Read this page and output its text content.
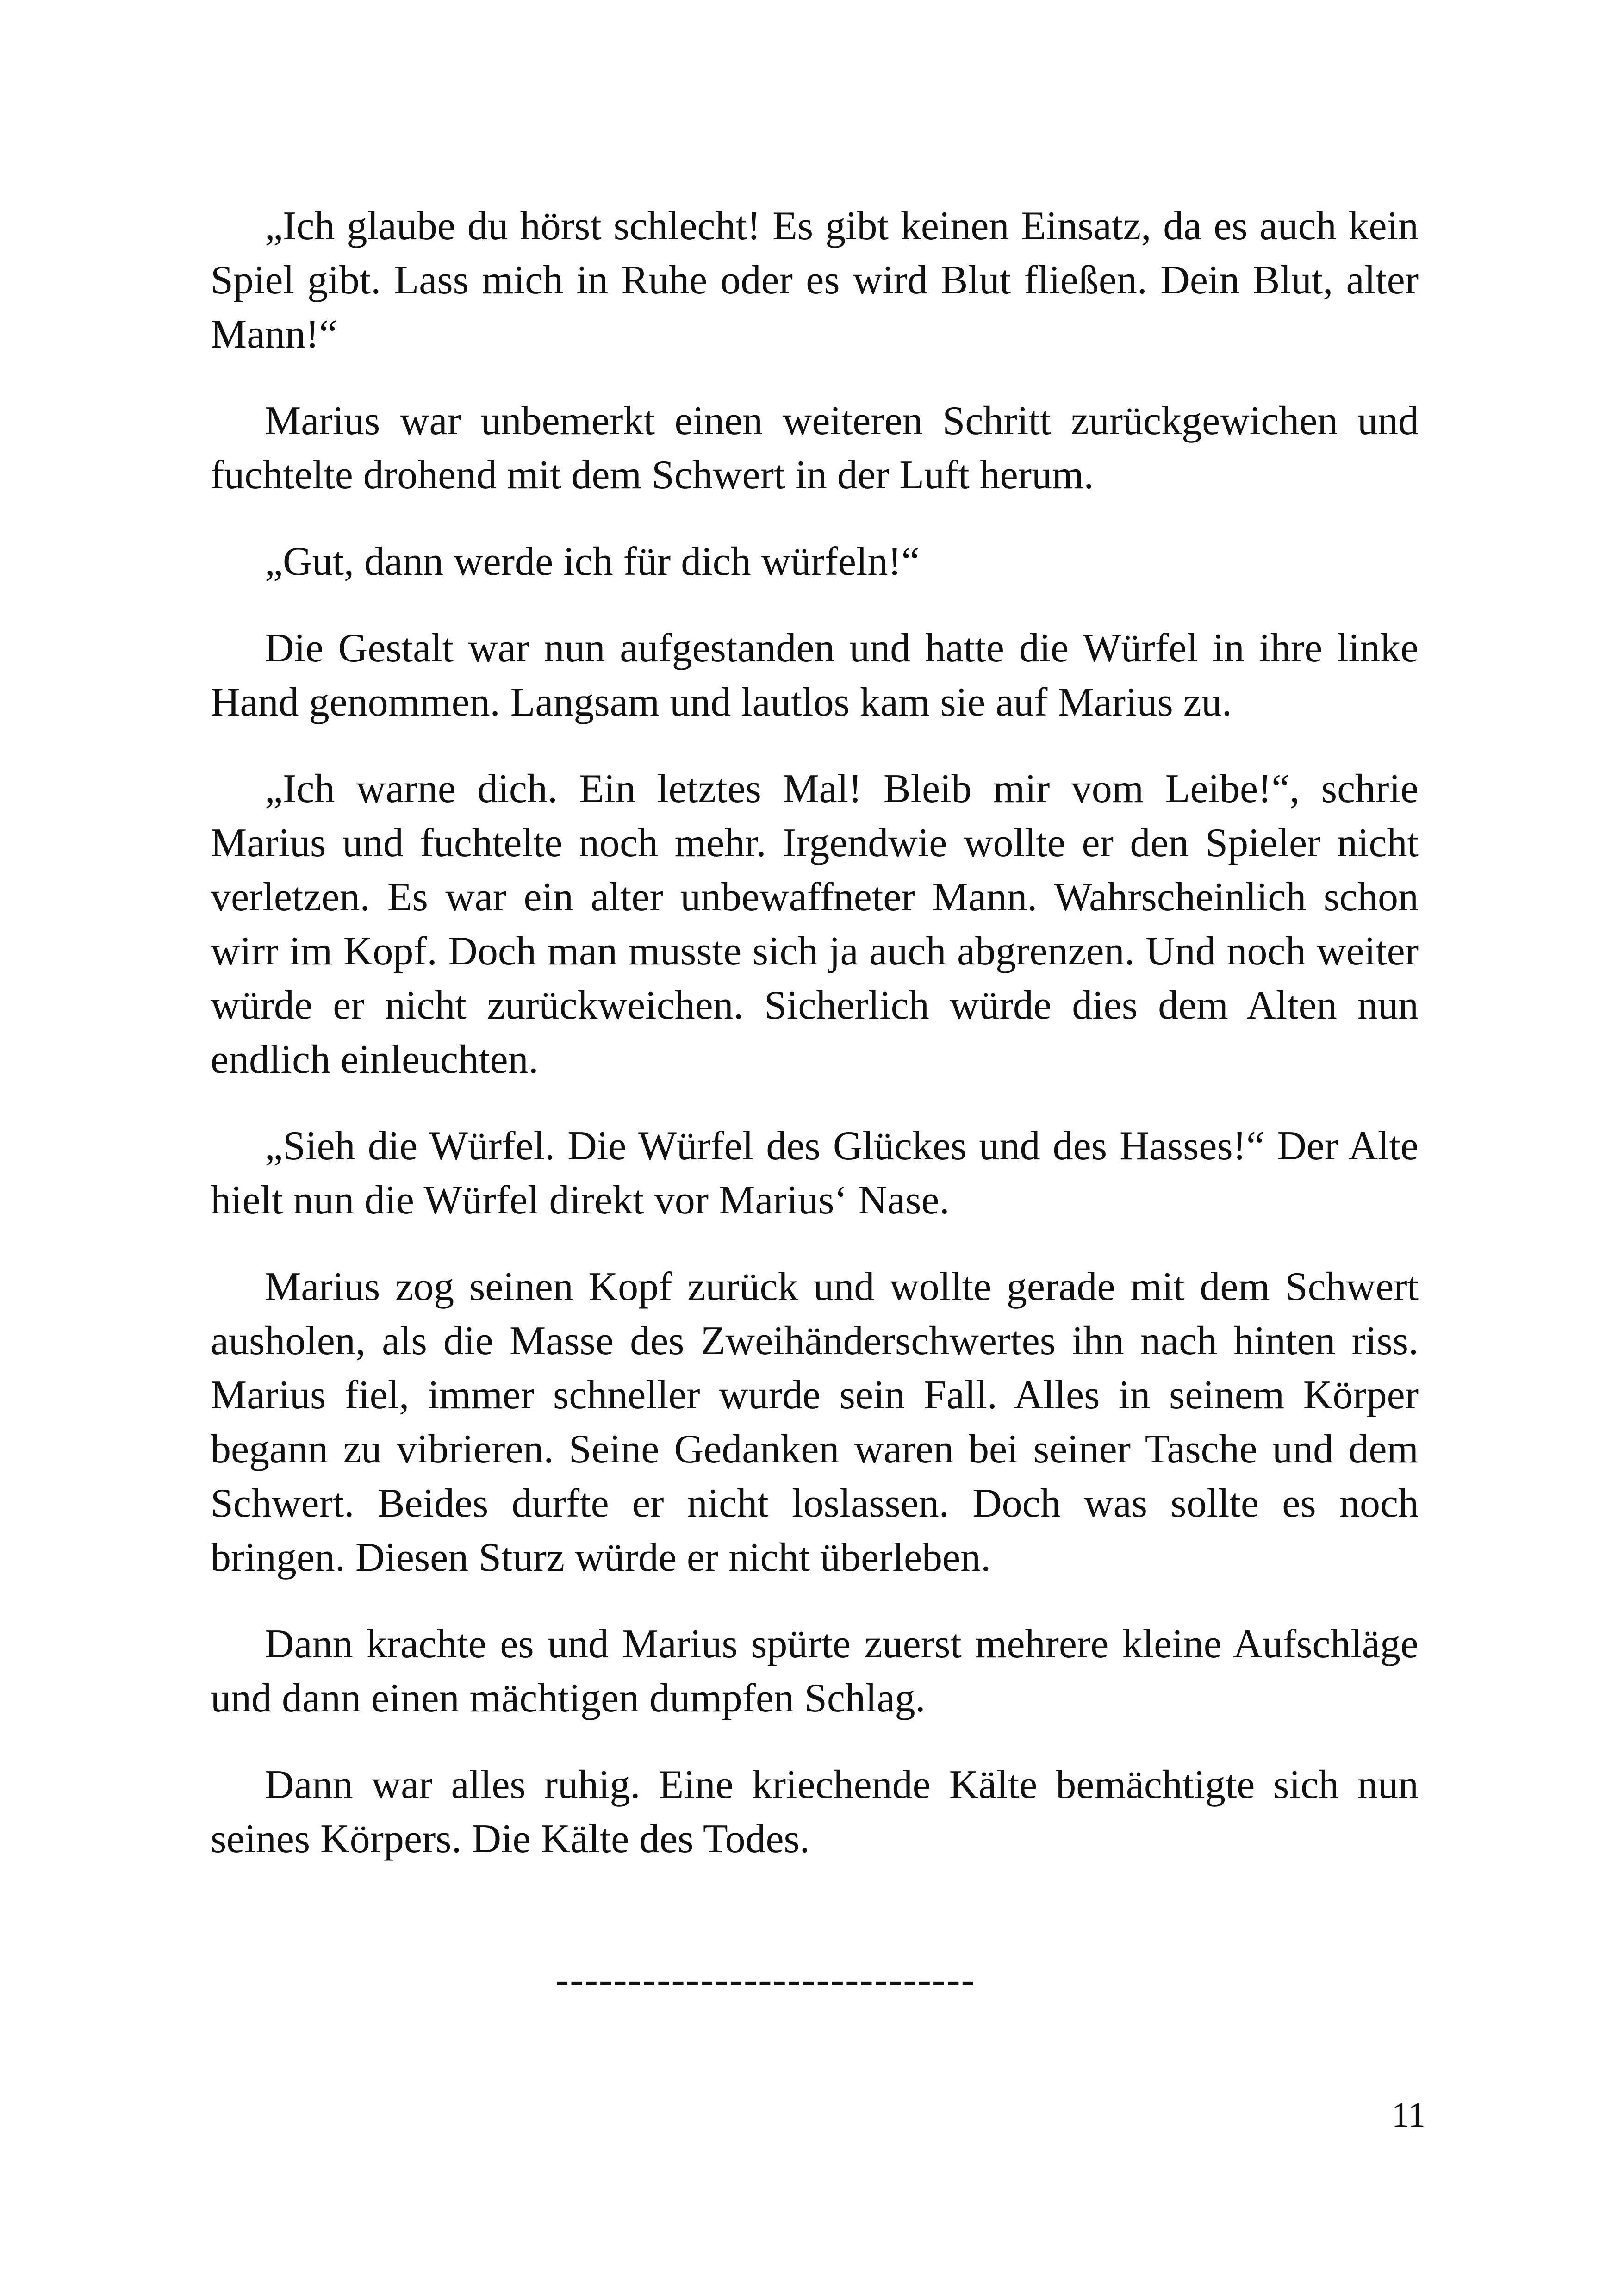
„Ich glaube du hörst schlecht! Es gibt keinen Einsatz, da es auch kein Spiel gibt. Lass mich in Ruhe oder es wird Blut fließen. Dein Blut, alter Mann!“

Marius war unbemerkt einen weiteren Schritt zurückgewichen und fuchtelte drohend mit dem Schwert in der Luft herum.

„Gut, dann werde ich für dich würfeln!“

Die Gestalt war nun aufgestanden und hatte die Würfel in ihre linke Hand genommen. Langsam und lautlos kam sie auf Marius zu.

„Ich warne dich. Ein letztes Mal! Bleib mir vom Leibe!“, schrie Marius und fuchtelte noch mehr. Irgendwie wollte er den Spieler nicht verletzen. Es war ein alter unbewaffneter Mann. Wahrscheinlich schon wirr im Kopf. Doch man musste sich ja auch abgrenzen. Und noch weiter würde er nicht zurückweichen. Sicherlich würde dies dem Alten nun endlich einleuchten.

„Sieh die Würfel. Die Würfel des Glückes und des Hasses!“ Der Alte hielt nun die Würfel direkt vor Marius‘ Nase.

Marius zog seinen Kopf zurück und wollte gerade mit dem Schwert ausholen, als die Masse des Zweihänderschwertes ihn nach hinten riss. Marius fiel, immer schneller wurde sein Fall. Alles in seinem Körper begann zu vibrieren. Seine Gedanken waren bei seiner Tasche und dem Schwert. Beides durfte er nicht loslassen. Doch was sollte es noch bringen. Diesen Sturz würde er nicht überleben.

Dann krachte es und Marius spürte zuerst mehrere kleine Aufschläge und dann einen mächtigen dumpfen Schlag.

Dann war alles ruhig. Eine kriechende Kälte bemächtigte sich nun seines Körpers. Die Kälte des Todes.

-----------------------------
11
